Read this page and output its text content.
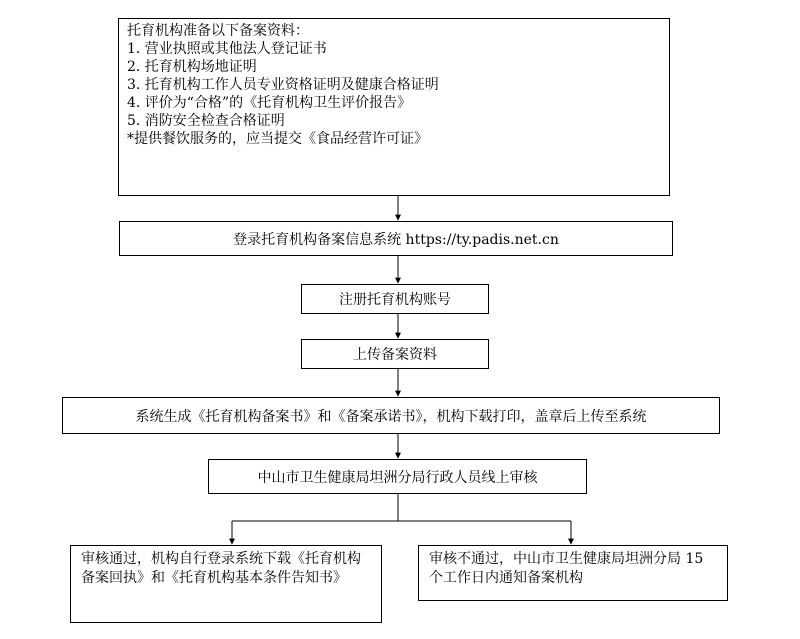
托育机构准备以下备案资料：
1. 营业执照或其他法人登记证书
2. 托育机构场地证明
3. 托育机构工作人员专业资格证明及健康合格证明
4. 评价为“合格”的《托育机构卫生评价报告》
5. 消防安全检查合格证明
*提供餐饮服务的，应当提交《食品经营许可证》
登录托育机构备案信息系统 https://ty.padis.net.cn
注册托育机构账号
上传备案资料
系统生成《托育机构备案书》和《备案承诺书》，机构下载打印，盖章后上传至系统
中山市卫生健康局坦洲分局行政人员线上审核
审核通过，机构自行登录系统下载《托育机构备案回执》和《托育机构基本条件告知书》
审核不通过，中山市卫生健康局坦洲分局 15 个工作日内通知备案机构
